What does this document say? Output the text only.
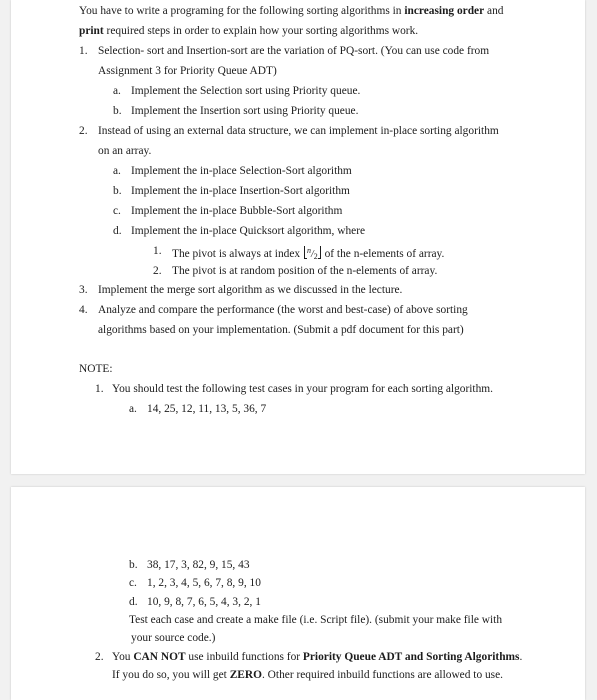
You have to write a programing for the following sorting algorithms in increasing order and
print required steps in order to explain how your sorting algorithms work.
1. Selection- sort and Insertion-sort are the variation of PQ-sort. (You can use code from
Assignment 3 for Priority Queue ADT)
a. Implement the Selection sort using Priority queue.
b. Implement the Insertion sort using Priority queue.
2. Instead of using an external data structure, we can implement in-place sorting algorithm
on an array.
a. Implement the in-place Selection-Sort algorithm
b. Implement the in-place Insertion-Sort algorithm
c. Implement the in-place Bubble-Sort algorithm
d. Implement the in-place Quicksort algorithm, where
1. The pivot is always at index $^n/_2$ of the n-elements of array.
2. The pivot is at random position of the n-elements of array.
3. Implement the merge sort algorithm as we discussed in the lecture.
4. Analyze and compare the performance (the worst and best-case) of above sorting
algorithms based on your implementation. (Submit a pdf document for this part)
NOTE:
1. You should test the following test cases in your program for each sorting algorithm.
a. 14, 25, 12, 11, 13, 5, 36, 7
b. 38, 17, 3, 82, 9, 15, 43
c. 1, 2, 3, 4, 5, 6, 7, 8, 9, 10
d. 10, 9, 8, 7, 6, 5, 4, 3, 2, 1
Test each case and create a make file (i.e. Script file). (submit your make file with
your source code.)
2. You CAN NOT use inbuild functions for Priority Queue ADT and Sorting Algorithms.
If you do so, you will get ZERO. Other required inbuild functions are allowed to use.
